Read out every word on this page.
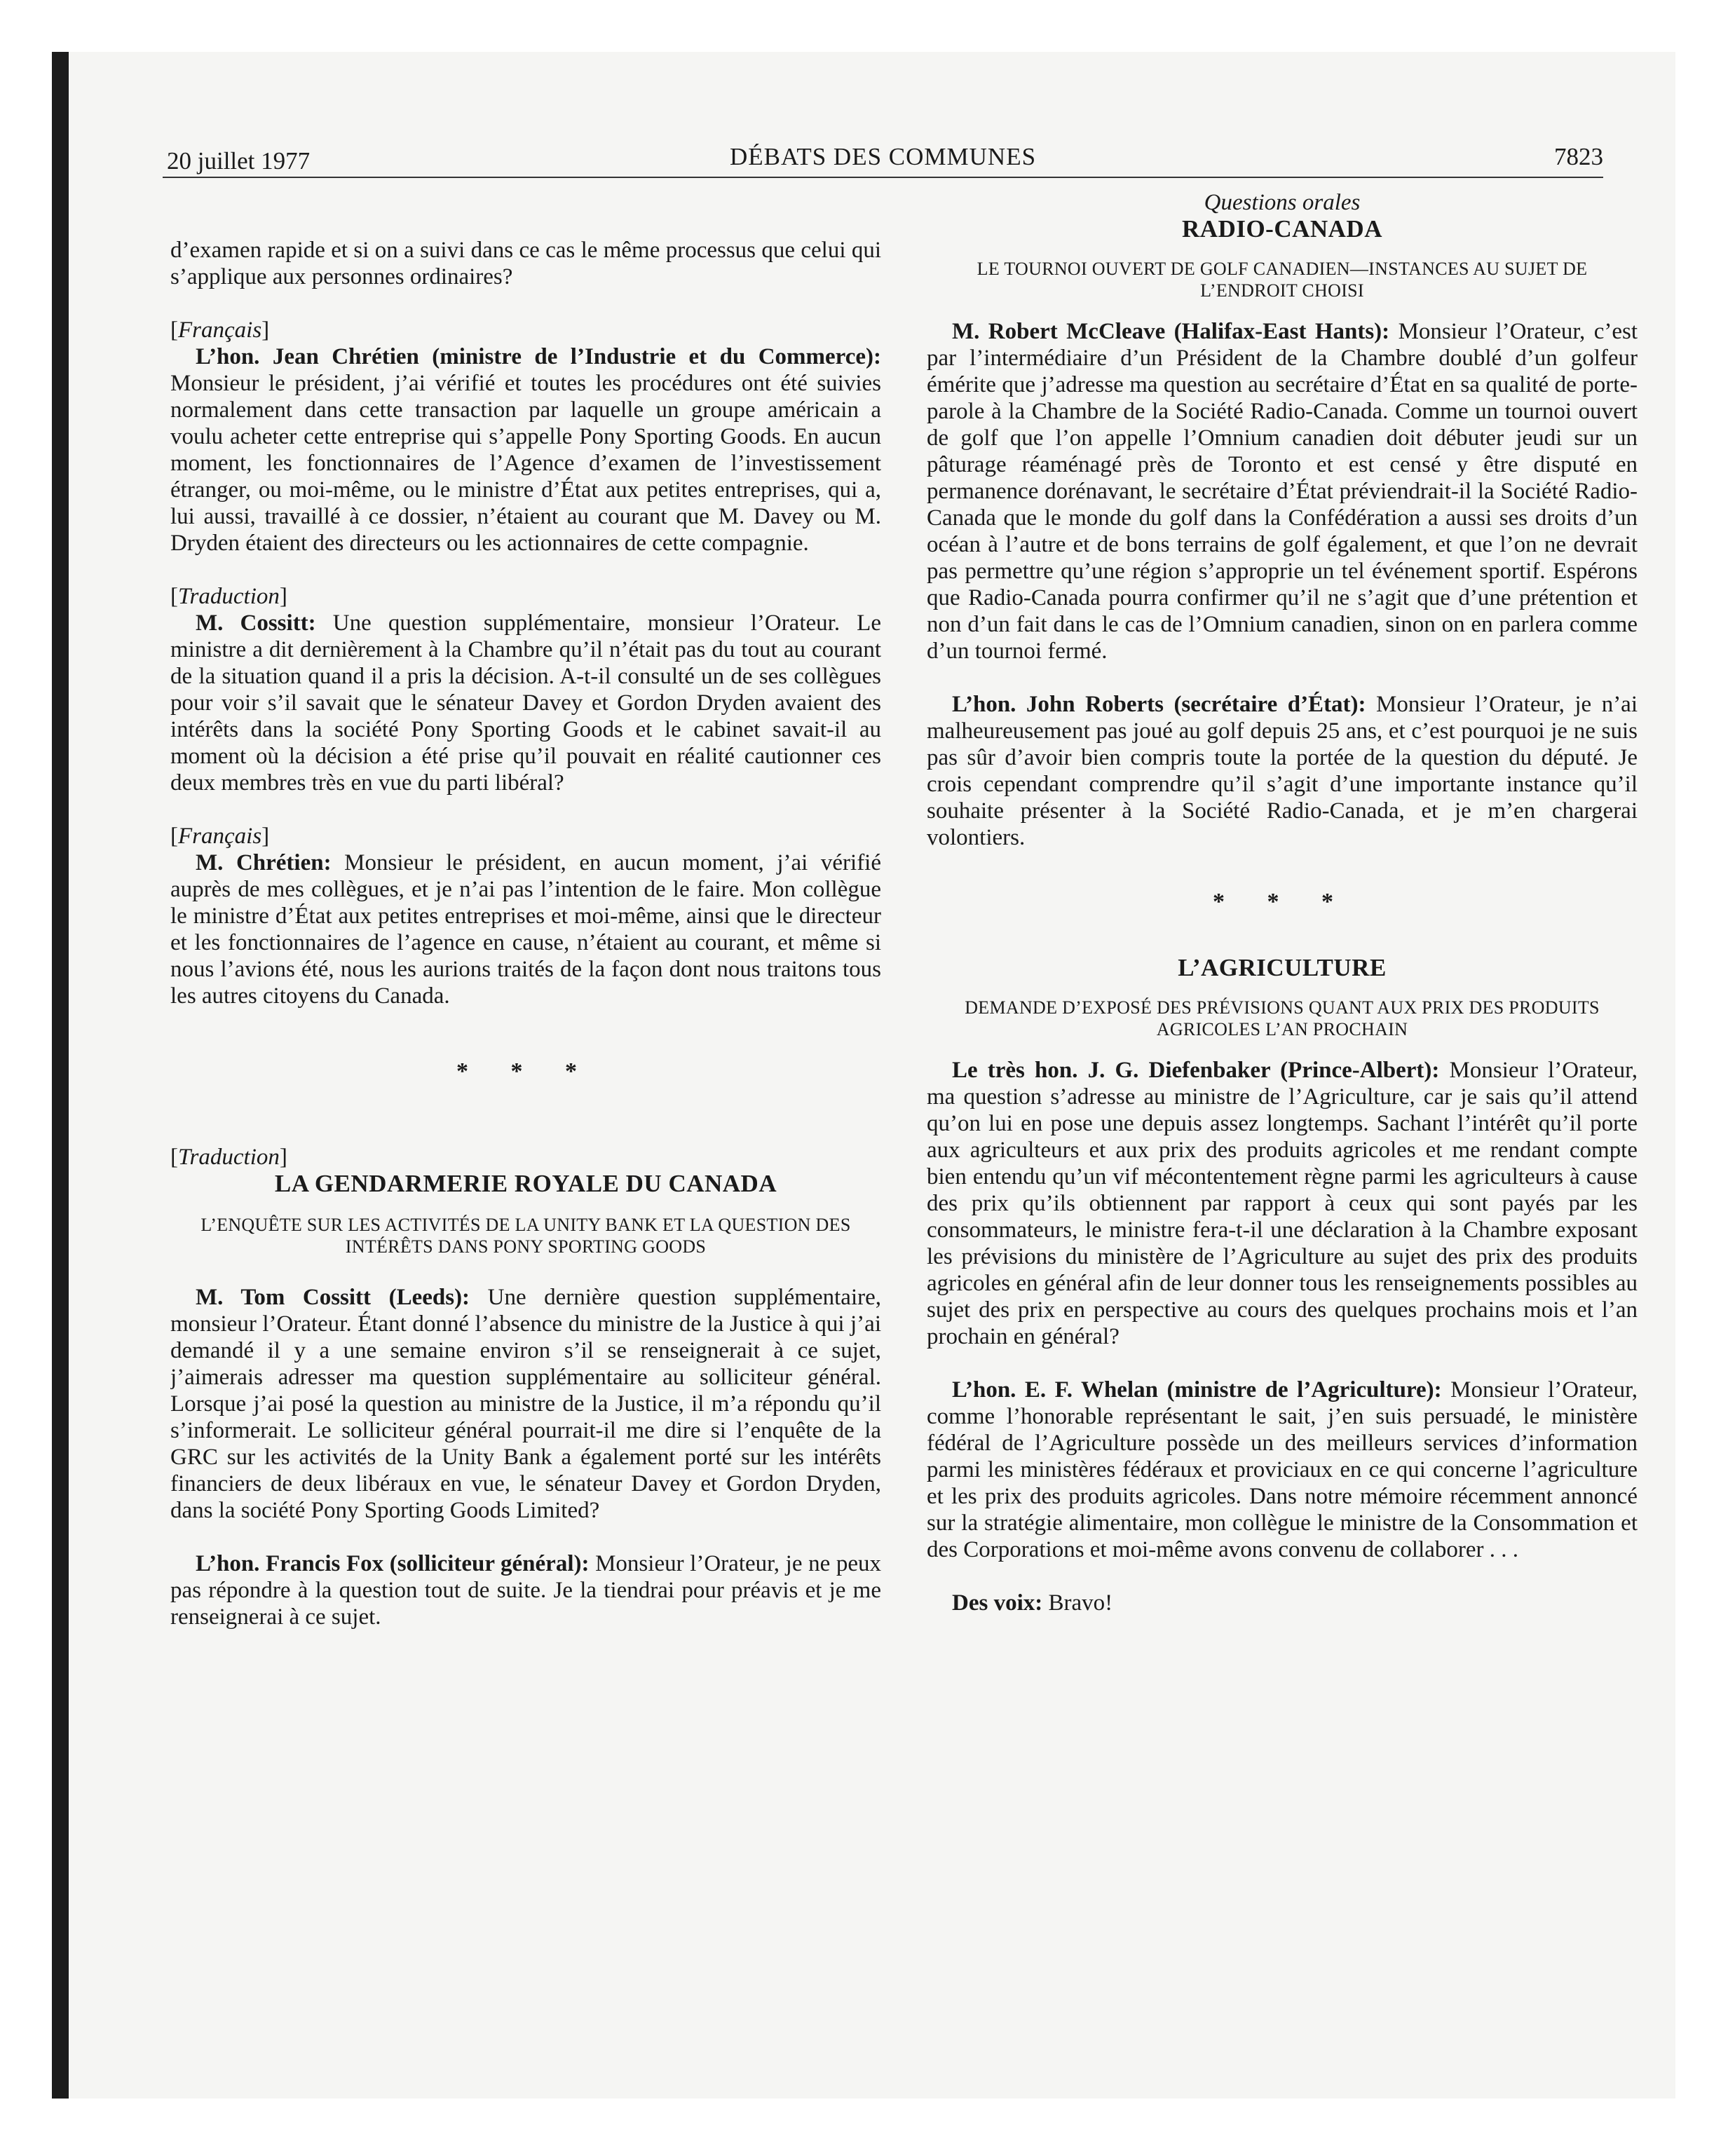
20 juillet 1977	DÉBATS DES COMMUNES	7823

d’examen rapide et si on a suivi dans ce cas le même processus que celui qui s’applique aux personnes ordinaires?

[Français]

L’hon. Jean Chrétien (ministre de l’Industrie et du Commerce): Monsieur le président, j’ai vérifié et toutes les procédures ont été suivies normalement dans cette transaction par laquelle un groupe américain a voulu acheter cette entreprise qui s’appelle Pony Sporting Goods. En aucun moment, les fonctionnaires de l’Agence d’examen de l’investissement étranger, ou moi-même, ou le ministre d’État aux petites entreprises, qui a, lui aussi, travaillé à ce dossier, n’étaient au courant que M. Davey ou M. Dryden étaient des directeurs ou les actionnaires de cette compagnie.

[Traduction]

M. Cossitt: Une question supplémentaire, monsieur l’Orateur. Le ministre a dit dernièrement à la Chambre qu’il n’était pas du tout au courant de la situation quand il a pris la décision. A-t-il consulté un de ses collègues pour voir s’il savait que le sénateur Davey et Gordon Dryden avaient des intérêts dans la société Pony Sporting Goods et le cabinet savait-il au moment où la décision a été prise qu’il pouvait en réalité cautionner ces deux membres très en vue du parti libéral?

[Français]

M. Chrétien: Monsieur le président, en aucun moment, j’ai vérifié auprès de mes collègues, et je n’ai pas l’intention de le faire. Mon collègue le ministre d’État aux petites entreprises et moi-même, ainsi que le directeur et les fonctionnaires de l’agence en cause, n’étaient au courant, et même si nous l’avions été, nous les aurions traités de la façon dont nous traitons tous les autres citoyens du Canada.

* * *

[Traduction]

LA GENDARMERIE ROYALE DU CANADA

L’ENQUÊTE SUR LES ACTIVITÉS DE LA UNITY BANK ET LA QUESTION DES INTÉRÊTS DANS PONY SPORTING GOODS

M. Tom Cossitt (Leeds): Une dernière question supplémentaire, monsieur l’Orateur. Étant donné l’absence du ministre de la Justice à qui j’ai demandé il y a une semaine environ s’il se renseignerait à ce sujet, j’aimerais adresser ma question supplémentaire au solliciteur général. Lorsque j’ai posé la question au ministre de la Justice, il m’a répondu qu’il s’informerait. Le solliciteur général pourrait-il me dire si l’enquête de la GRC sur les activités de la Unity Bank a également porté sur les intérêts financiers de deux libéraux en vue, le sénateur Davey et Gordon Dryden, dans la société Pony Sporting Goods Limited?

L’hon. Francis Fox (solliciteur général): Monsieur l’Orateur, je ne peux pas répondre à la question tout de suite. Je la tiendrai pour préavis et je me renseignerai à ce sujet.

Questions orales

RADIO-CANADA

LE TOURNOI OUVERT DE GOLF CANADIEN—INSTANCES AU SUJET DE L’ENDROIT CHOISI

M. Robert McCleave (Halifax-East Hants): Monsieur l’Orateur, c’est par l’intermédiaire d’un Président de la Chambre doublé d’un golfeur émérite que j’adresse ma question au secrétaire d’État en sa qualité de porte-parole à la Chambre de la Société Radio-Canada. Comme un tournoi ouvert de golf que l’on appelle l’Omnium canadien doit débuter jeudi sur un pâturage réaménagé près de Toronto et est censé y être disputé en permanence dorénavant, le secrétaire d’État préviendrait-il la Société Radio-Canada que le monde du golf dans la Confédération a aussi ses droits d’un océan à l’autre et de bons terrains de golf également, et que l’on ne devrait pas permettre qu’une région s’approprie un tel événement sportif. Espérons que Radio-Canada pourra confirmer qu’il ne s’agit que d’une prétention et non d’un fait dans le cas de l’Omnium canadien, sinon on en parlera comme d’un tournoi fermé.

L’hon. John Roberts (secrétaire d’État): Monsieur l’Orateur, je n’ai malheureusement pas joué au golf depuis 25 ans, et c’est pourquoi je ne suis pas sûr d’avoir bien compris toute la portée de la question du député. Je crois cependant comprendre qu’il s’agit d’une importante instance qu’il souhaite présenter à la Société Radio-Canada, et je m’en chargerai volontiers.

* * *

L’AGRICULTURE

DEMANDE D’EXPOSÉ DES PRÉVISIONS QUANT AUX PRIX DES PRODUITS AGRICOLES L’AN PROCHAIN

Le très hon. J. G. Diefenbaker (Prince-Albert): Monsieur l’Orateur, ma question s’adresse au ministre de l’Agriculture, car je sais qu’il attend qu’on lui en pose une depuis assez longtemps. Sachant l’intérêt qu’il porte aux agriculteurs et aux prix des produits agricoles et me rendant compte bien entendu qu’un vif mécontentement règne parmi les agriculteurs à cause des prix qu’ils obtiennent par rapport à ceux qui sont payés par les consommateurs, le ministre fera-t-il une déclaration à la Chambre exposant les prévisions du ministère de l’Agriculture au sujet des prix des produits agricoles en général afin de leur donner tous les renseignements possibles au sujet des prix en perspective au cours des quelques prochains mois et l’an prochain en général?

L’hon. E. F. Whelan (ministre de l’Agriculture): Monsieur l’Orateur, comme l’honorable représentant le sait, j’en suis persuadé, le ministère fédéral de l’Agriculture possède un des meilleurs services d’information parmi les ministères fédéraux et proviciaux en ce qui concerne l’agriculture et les prix des produits agricoles. Dans notre mémoire récemment annoncé sur la stratégie alimentaire, mon collègue le ministre de la Consommation et des Corporations et moi-même avons convenu de collaborer . . .

Des voix: Bravo!
